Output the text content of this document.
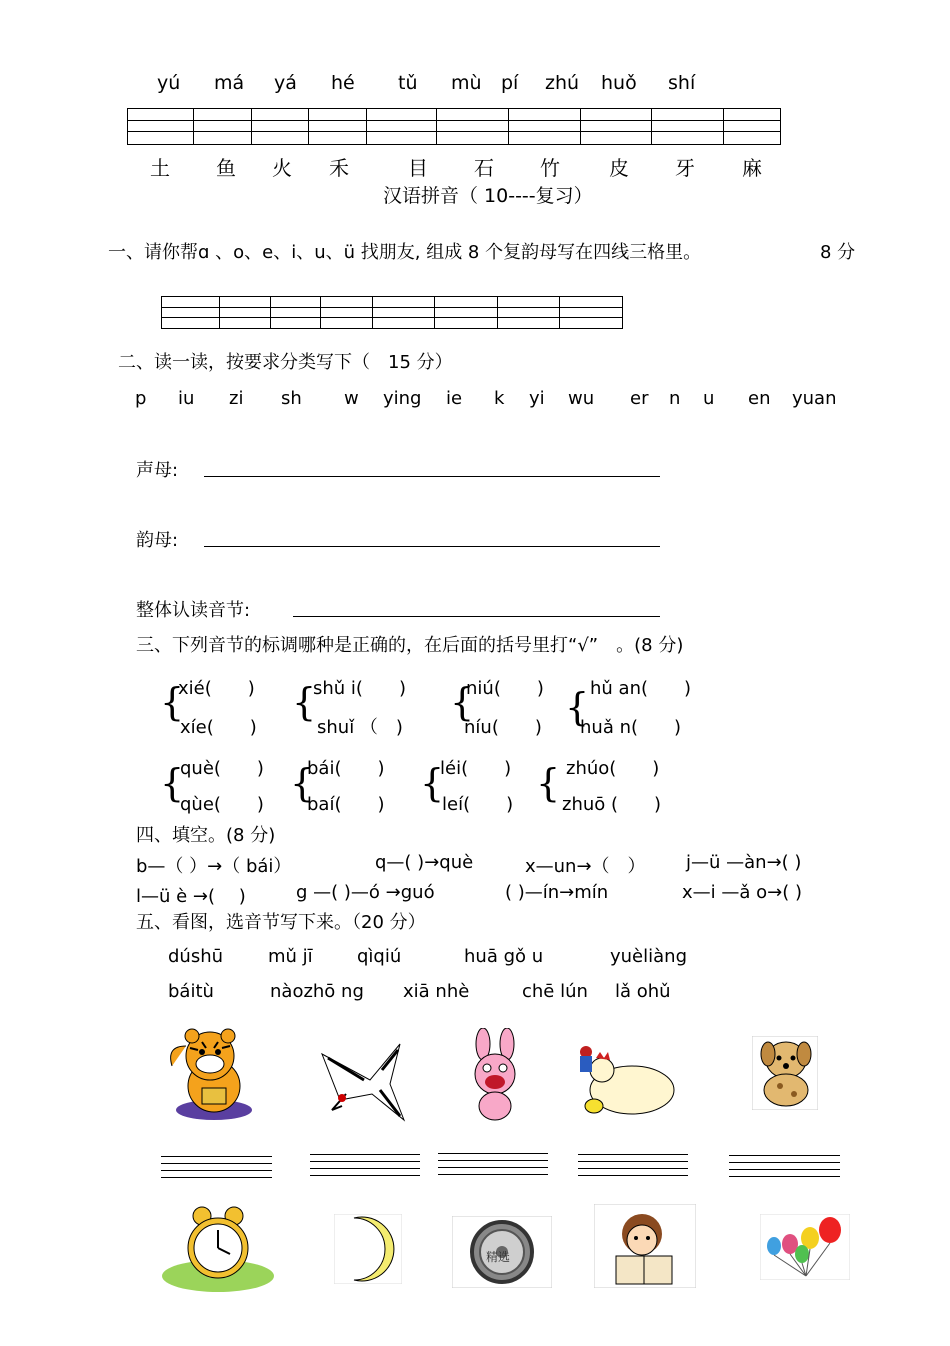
yú má yá hé tǔ mù pí zhú huǒ shí
土 鱼 火 禾	目 石 竹 皮 牙 麻
汉语拼音（ 10----复习）
一、请你帮ɑ 、o、e、i、u、ü 找朋友, 组成 8 个复韵母写在四线三格里。	8 分
二、读一读，按要求分类写下（　15 分）
p iu zi sh w ying ie k yi wu er n u en yuan
声母:
韵母:
整体认读音节:
三、下列音节的标调哪种是正确的，在后面的括号里打“√”　。(8 分)
{
xié(　　)
xíe(　　)
{
shǔ i(　　)
shuǐ （　)
{
niú(　　)
níu(　　) { hǔ an(　　)
huǎ n(　　)
{
què(　　)
qùe(　　) {
bái(　　)
baí(　　) {
léi(　　)
leí(　　) { zhúo(　　)
zhuō (　　)
四、填空。(8 分)
b—（ ）→（ bái）	q—( )→què	x—un→（　） j—ü —àn→( )
l—ü è →( 　)	g —( )—ó →guó	( )—ín→mín	x—i —ǎ o→( )
五、看图，选音节写下来。（20 分）
dúshū mǔ jī qìqiú	huā gǒ u	yuèliàng
báitù	nàozhō ng xiā nhè	chē lún lǎ ohǔ
精选
